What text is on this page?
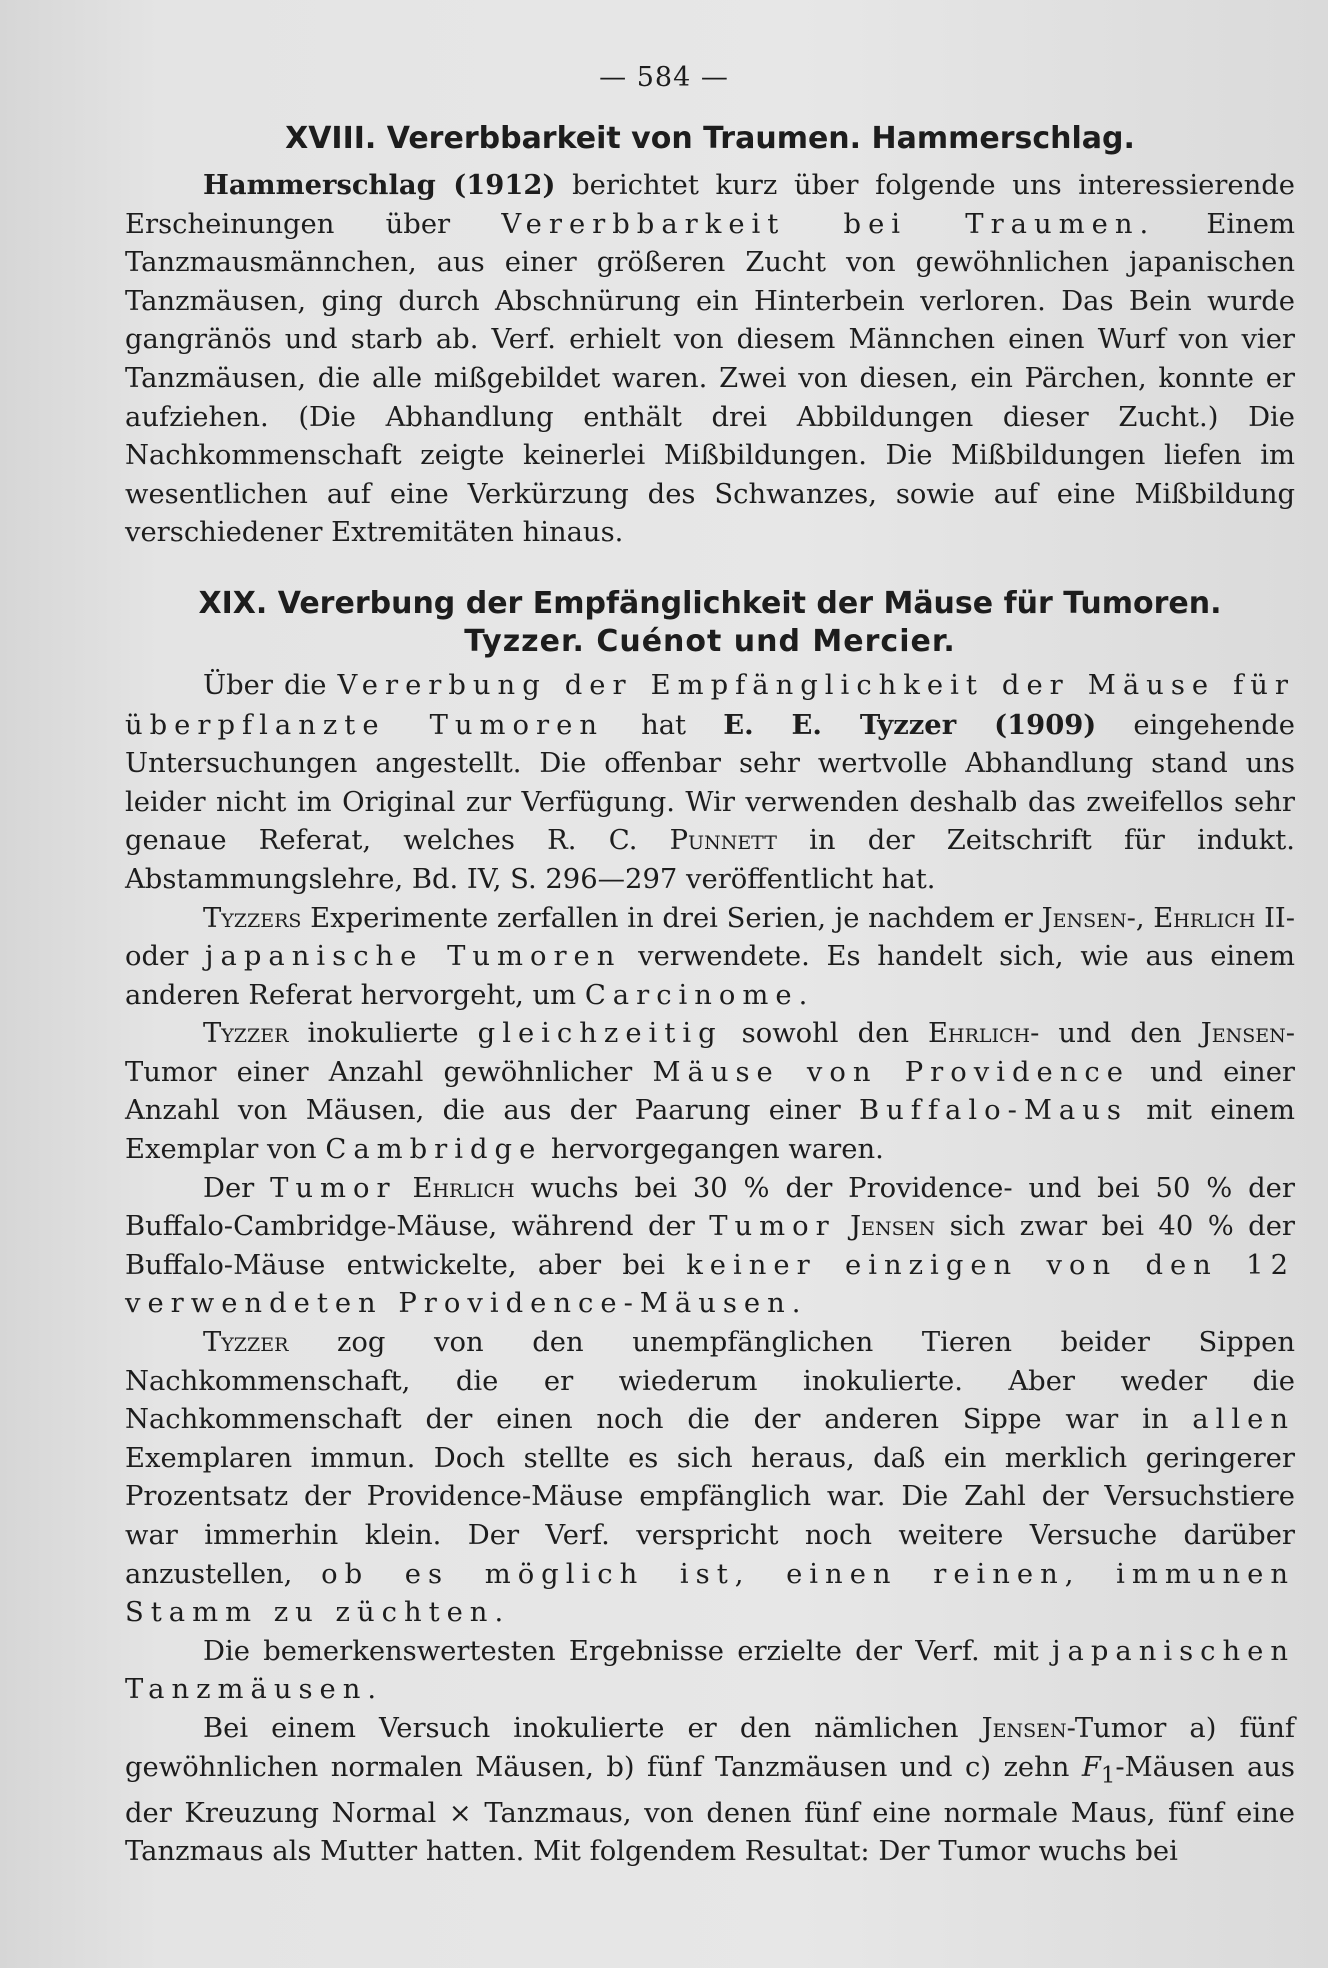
— 584 —
XVIII. Vererbbarkeit von Traumen. Hammerschlag.

Hammerschlag (1912) berichtet kurz über folgende uns interessierende Erscheinungen über Vererbbarkeit bei Traumen. Einem Tanzmausmännchen, aus einer größeren Zucht von gewöhnlichen japanischen Tanzmäusen, ging durch Abschnürung ein Hinterbein verloren. Das Bein wurde gangränös und starb ab. Verf. erhielt von diesem Männchen einen Wurf von vier Tanzmäusen, die alle mißgebildet waren. Zwei von diesen, ein Pärchen, konnte er aufziehen. (Die Abhandlung enthält drei Abbildungen dieser Zucht.) Die Nachkommenschaft zeigte keinerlei Mißbildungen. Die Mißbildungen liefen im wesentlichen auf eine Verkürzung des Schwanzes, sowie auf eine Mißbildung verschiedener Extremitäten hinaus.

XIX. Vererbung der Empfänglichkeit der Mäuse für Tumoren.
Tyzzer. Cuénot und Mercier.

Über die Vererbung der Empfänglichkeit der Mäuse für überpflanzte Tumoren hat E. E. Tyzzer (1909) eingehende Untersuchungen angestellt. Die offenbar sehr wertvolle Abhandlung stand uns leider nicht im Original zur Verfügung. Wir verwenden deshalb das zweifellos sehr genaue Referat, welches R. C. Punnett in der Zeitschrift für indukt. Abstammungslehre, Bd. IV, S. 296—297 veröffentlicht hat.

Tyzzers Experimente zerfallen in drei Serien, je nachdem er Jensen-, Ehrlich II- oder japanische Tumoren verwendete. Es handelt sich, wie aus einem anderen Referat hervorgeht, um Carcinome.

Tyzzer inokulierte gleichzeitig sowohl den Ehrlich- und den Jensen-Tumor einer Anzahl gewöhnlicher Mäuse von Providence und einer Anzahl von Mäusen, die aus der Paarung einer Buffalo-Maus mit einem Exemplar von Cambridge hervorgegangen waren.

Der Tumor Ehrlich wuchs bei 30 % der Providence- und bei 50 % der Buffalo-Cambridge-Mäuse, während der Tumor Jensen sich zwar bei 40 % der Buffalo-Mäuse entwickelte, aber bei keiner einzigen von den 12 verwendeten Providence-Mäusen.

Tyzzer zog von den unempfänglichen Tieren beider Sippen Nachkommenschaft, die er wiederum inokulierte. Aber weder die Nachkommenschaft der einen noch die der anderen Sippe war in allen Exemplaren immun. Doch stellte es sich heraus, daß ein merklich geringerer Prozentsatz der Providence-Mäuse empfänglich war. Die Zahl der Versuchstiere war immerhin klein. Der Verf. verspricht noch weitere Versuche darüber anzustellen, ob es möglich ist, einen reinen, immunen Stamm zu züchten.

Die bemerkenswertesten Ergebnisse erzielte der Verf. mit japanischen Tanzmäusen.

Bei einem Versuch inokulierte er den nämlichen Jensen-Tumor a) fünf gewöhnlichen normalen Mäusen, b) fünf Tanzmäusen und c) zehn $F_1$-Mäusen aus der Kreuzung Normal × Tanzmaus, von denen fünf eine normale Maus, fünf eine Tanzmaus als Mutter hatten. Mit folgendem Resultat: Der Tumor wuchs bei
